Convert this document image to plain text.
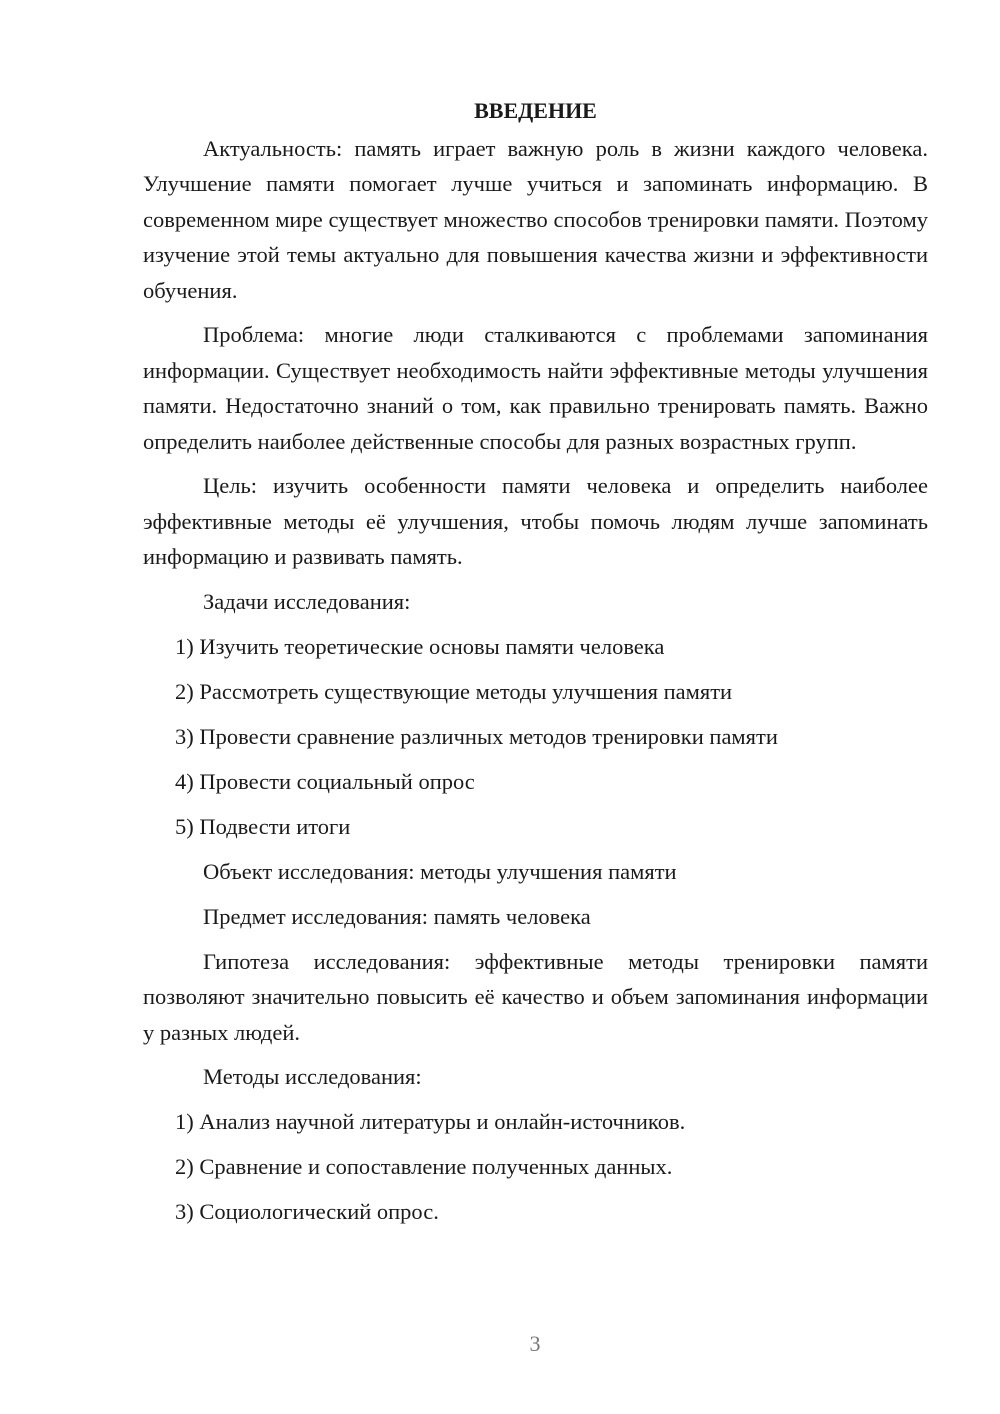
ВВЕДЕНИЕ

Актуальность: память играет важную роль в жизни каждого человека. Улучшение памяти помогает лучше учиться и запоминать информацию. В современном мире существует множество способов тренировки памяти. Поэтому изучение этой темы актуально для повышения качества жизни и эффективности обучения.

Проблема: многие люди сталкиваются с проблемами запоминания информации. Существует необходимость найти эффективные методы улучшения памяти. Недостаточно знаний о том, как правильно тренировать память. Важно определить наиболее действенные способы для разных возрастных групп.

Цель: изучить особенности памяти человека и определить наиболее эффективные методы её улучшения, чтобы помочь людям лучше запоминать информацию и развивать память.

Задачи исследования:
1) Изучить теоретические основы памяти человека
2) Рассмотреть существующие методы улучшения памяти
3) Провести сравнение различных методов тренировки памяти
4) Провести социальный опрос
5) Подвести итоги
Объект исследования: методы улучшения памяти
Предмет исследования: память человека

Гипотеза исследования: эффективные методы тренировки памяти позволяют значительно повысить её качество и объем запоминания информации у разных людей.

Методы исследования:
1) Анализ научной литературы и онлайн-источников.
2) Сравнение и сопоставление полученных данных.
3) Социологический опрос.
3
